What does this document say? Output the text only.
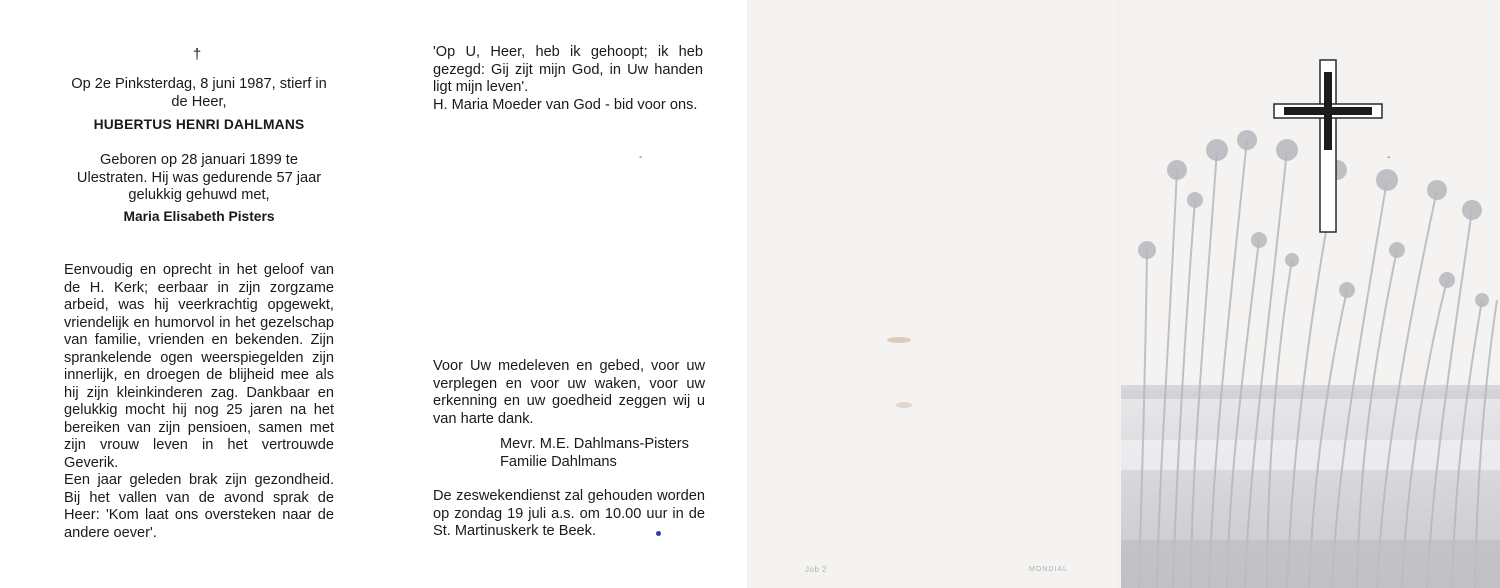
†
Op 2e Pinksterdag, 8 juni 1987, stierf in de Heer,
HUBERTUS HENRI DAHLMANS
Geboren op 28 januari 1899 te Ulestraten. Hij was gedurende 57 jaar gelukkig gehuwd met,
Maria Elisabeth Pisters

Eenvoudig en oprecht in het geloof van de H. Kerk; eerbaar in zijn zorgzame arbeid, was hij veerkrachtig opgewekt, vriendelijk en humorvol in het gezelschap van familie, vrienden en bekenden. Zijn sprankelende ogen weerspiegelden zijn innerlijk, en droegen de blijheid mee als hij zijn kleinkinderen zag. Dankbaar en gelukkig mocht hij nog 25 jaren na het bereiken van zijn pensioen, samen met zijn vrouw leven in het vertrouwde Geverik.

Een jaar geleden brak zijn gezondheid. Bij het vallen van de avond sprak de Heer: 'Kom laat ons oversteken naar de andere oever'.

'Op U, Heer, heb ik gehoopt; ik heb gezegd: Gij zijt mijn God, in Uw handen ligt mijn leven'.

H. Maria Moeder van God - bid voor ons.

-
Voor Uw medeleven en gebed, voor uw verplegen en voor uw waken, voor uw erkenning en uw goedheid zeggen wij u van harte dank.

Mevr. M.E. Dahlmans-Pisters

Familie Dahlmans

De zeswekendienst zal gehouden worden op zondag 19 juli a.s. om 10.00 uur in de St. Martinuskerk te Beek.
-
Job 2	MONDIAL
